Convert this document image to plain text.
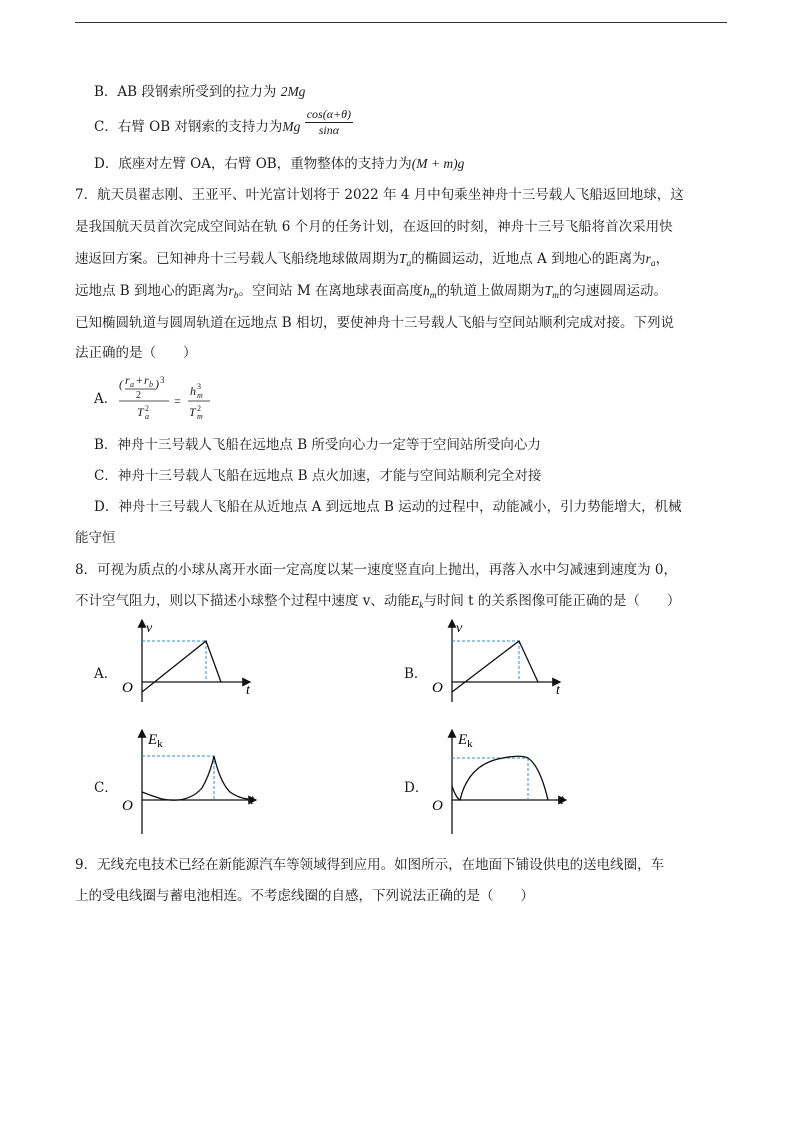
B．AB 段钢索所受到的拉力为 2Mg
C．右臂 OB 对钢索的支持力为Mg $\frac{\cos(\alpha+\theta)}{\sin\alpha}$
D．底座对左臂 OA，右臂 OB，重物整体的支持力为(M + m)g
7．航天员翟志刚、王亚平、叶光富计划将于 2022 年 4 月中旬乘坐神舟十三号载人飞船返回地球，这
是我国航天员首次完成空间站在轨 6 个月的任务计划，在返回的时刻，神舟十三号飞船将首次采用快
速返回方案。已知神舟十三号载人飞船绕地球做周期为$T_a$的椭圆运动，近地点 A 到地心的距离为$r_a$，
远地点 B 到地心的距离为$r_b$。空间站 M 在离地球表面高度$h_m$的轨道上做周期为$T_m$的匀速圆周运动。
已知椭圆轨道与圆周轨道在远地点 B 相切，要使神舟十三号载人飞船与空间站顺利完成对接。下列说
法正确的是（　　）
A．
( r a + r b
2
) 3
T 2
a
=
h 3
m
T 2
m
B．神舟十三号载人飞船在远地点 B 所受向心力一定等于空间站所受向心力
C．神舟十三号载人飞船在远地点 B 点火加速，才能与空间站顺利完全对接
D．神舟十三号载人飞船在从近地点 A 到远地点 B 运动的过程中，动能减小，引力势能增大，机械
能守恒
8．可视为质点的小球从离开水面一定高度以某一速度竖直向上抛出，再落入水中匀减速到速度为 0，
不计空气阻力，则以下描述小球整个过程中速度 v、动能$E_k$与时间 t 的关系图像可能正确的是（　　）
A．	B．
C．	D．
v
t
O
v
t
O
$E_k$
t
O
$E_k$
t
O
9．无线充电技术已经在新能源汽车等领域得到应用。如图所示，在地面下铺设供电的送电线圈，车
上的受电线圈与蓄电池相连。不考虑线圈的自感，下列说法正确的是（　　）
